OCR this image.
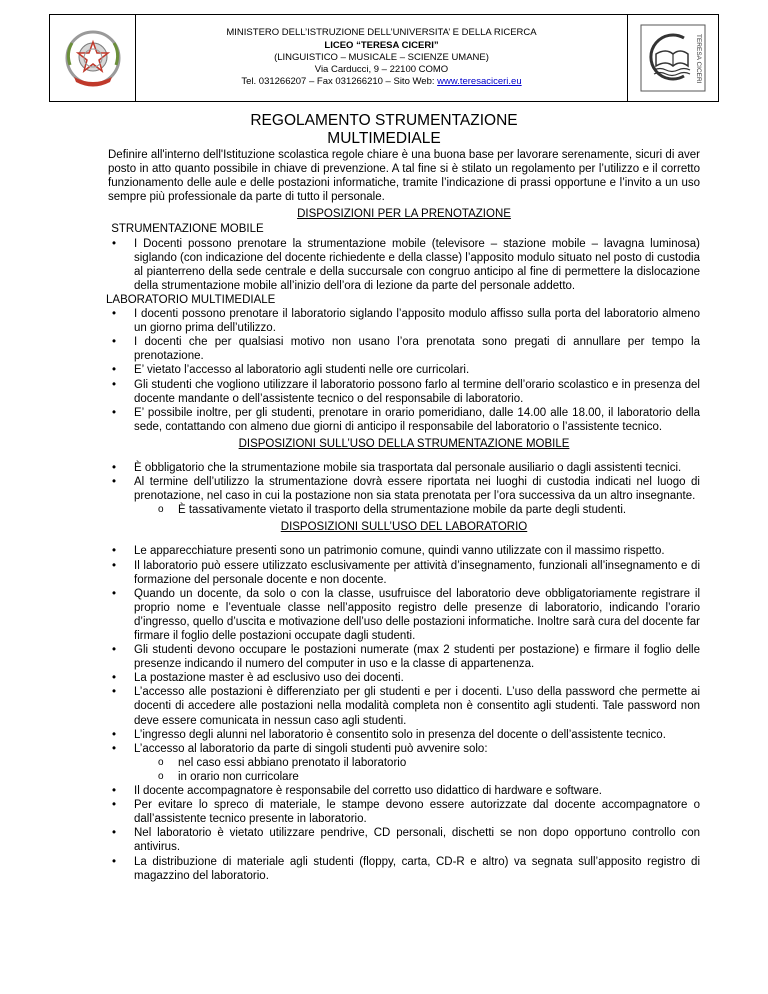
MINISTERO DELL’ISTRUZIONE DELL’UNIVERSITA’ E DELLA RICERCA
LICEO “TERESA CICERI”
(LINGUISTICO – MUSICALE – SCIENZE UMANE)
Via Carducci, 9 – 22100 COMO
Tel. 031266207 – Fax 031266210 – Sito Web: www.teresaciceri.eu	TERESA CICERI
REGOLAMENTO STRUMENTAZIONE
MULTIMEDIALE

Definire all'interno dell'Istituzione scolastica regole chiare è una buona base per lavorare serenamente, sicuri di aver posto in atto quanto possibile in chiave di prevenzione. A tal fine si è stilato un regolamento per l’utilizzo e il corretto funzionamento delle aule e delle postazioni informatiche, tramite l’indicazione di prassi opportune e l’invito a un uso sempre più professionale da parte di tutto il personale.

DISPOSIZIONI PER LA PRENOTAZIONE
STRUMENTAZIONE MOBILE
• I Docenti possono prenotare la strumentazione mobile (televisore – stazione mobile – lavagna luminosa) siglando (con indicazione del docente richiedente e della classe) l’apposito modulo situato nel posto di custodia al pianterreno della sede centrale e della succursale con congruo anticipo al fine di permettere la dislocazione della strumentazione mobile all’inizio dell’ora di lezione da parte del personale addetto.
LABORATORIO MULTIMEDIALE
• I docenti possono prenotare il laboratorio siglando l’apposito modulo affisso sulla porta del laboratorio almeno un giorno prima dell’utilizzo.
• I docenti che per qualsiasi motivo non usano l’ora prenotata sono pregati di annullare per tempo la prenotazione.
• E’ vietato l’accesso al laboratorio agli studenti nelle ore curricolari.
• Gli studenti che vogliono utilizzare il laboratorio possono farlo al termine dell’orario scolastico e in presenza del docente mandante o dell’assistente tecnico o del responsabile di laboratorio.
• E’ possibile inoltre, per gli studenti, prenotare in orario pomeridiano, dalle 14.00 alle 18.00, il laboratorio della sede, contattando con almeno due giorni di anticipo il responsabile del laboratorio o l’assistente tecnico.
DISPOSIZIONI SULL’USO DELLA STRUMENTAZIONE MOBILE
• È obbligatorio che la strumentazione mobile sia trasportata dal personale ausiliario o dagli assistenti tecnici.
• Al termine dell’utilizzo la strumentazione dovrà essere riportata nei luoghi di custodia indicati nel luogo di prenotazione, nel caso in cui la postazione non sia stata prenotata per l’ora successiva da un altro insegnante.
o È tassativamente vietato il trasporto della strumentazione mobile da parte degli studenti.
DISPOSIZIONI SULL’USO DEL LABORATORIO
• Le apparecchiature presenti sono un patrimonio comune, quindi vanno utilizzate con il massimo rispetto.
• Il laboratorio può essere utilizzato esclusivamente per attività d’insegnamento, funzionali all’insegnamento e di formazione del personale docente e non docente.
• Quando un docente, da solo o con la classe, usufruisce del laboratorio deve obbligatoriamente registrare il proprio nome e l’eventuale classe nell’apposito registro delle presenze di laboratorio, indicando l’orario d’ingresso, quello d’uscita e motivazione dell’uso delle postazioni informatiche. Inoltre sarà cura del docente far firmare il foglio delle postazioni occupate dagli studenti.
• Gli studenti devono occupare le postazioni numerate (max 2 studenti per postazione) e firmare il foglio delle presenze indicando il numero del computer in uso e la classe di appartenenza.
• La postazione master è ad esclusivo uso dei docenti.
• L’accesso alle postazioni è differenziato per gli studenti e per i docenti. L’uso della password che permette ai docenti di accedere alle postazioni nella modalità completa non è consentito agli studenti. Tale password non deve essere comunicata in nessun caso agli studenti.
• L’ingresso degli alunni nel laboratorio è consentito solo in presenza del docente o dell’assistente tecnico.
• L’accesso al laboratorio da parte di singoli studenti può avvenire solo:
o nel caso essi abbiano prenotato il laboratorio
o in orario non curricolare
• Il docente accompagnatore è responsabile del corretto uso didattico di hardware e software.
• Per evitare lo spreco di materiale, le stampe devono essere autorizzate dal docente accompagnatore o dall’assistente tecnico presente in laboratorio.
• Nel laboratorio è vietato utilizzare pendrive, CD personali, dischetti se non dopo opportuno controllo con antivirus.
• La distribuzione di materiale agli studenti (floppy, carta, CD-R e altro) va segnata sull’apposito registro di magazzino del laboratorio.
